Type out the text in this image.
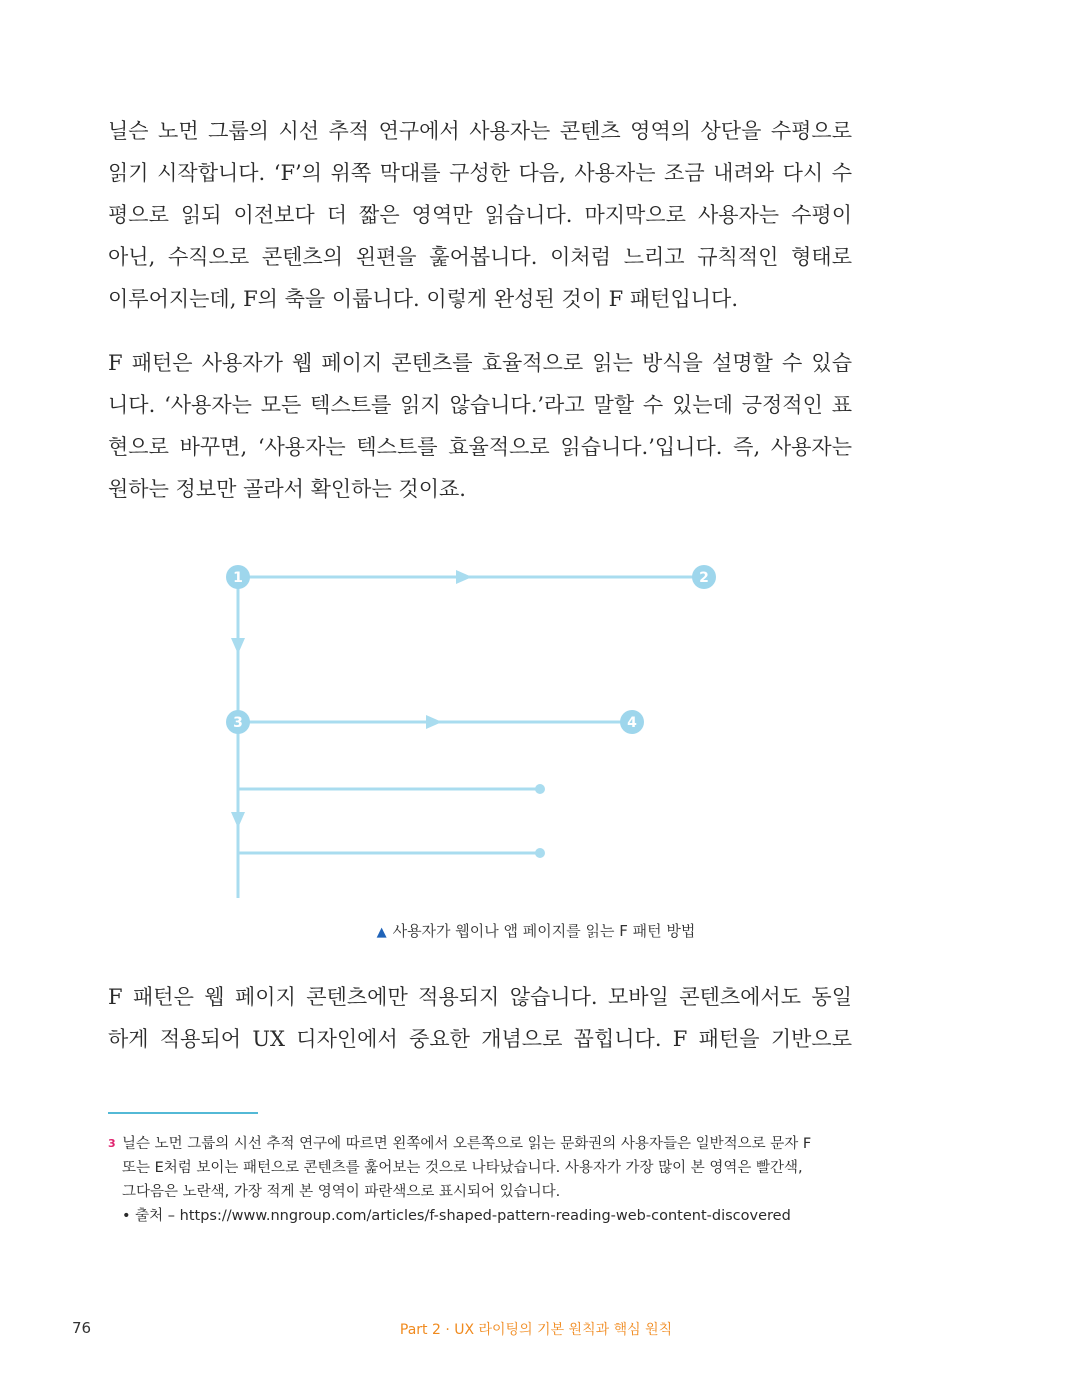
닐슨 노먼 그룹의 시선 추적 연구에서 사용자는 콘텐츠 영역의 상단을 수평으로
읽기 시작합니다. ‘F’의 위쪽 막대를 구성한 다음, 사용자는 조금 내려와 다시 수
평으로 읽되 이전보다 더 짧은 영역만 읽습니다. 마지막으로 사용자는 수평이
아닌, 수직으로 콘텐츠의 왼편을 훑어봅니다. 이처럼 느리고 규칙적인 형태로
이루어지는데, F의 축을 이룹니다. 이렇게 완성된 것이 F 패턴입니다.

F 패턴은 사용자가 웹 페이지 콘텐츠를 효율적으로 읽는 방식을 설명할 수 있습
니다. ‘사용자는 모든 텍스트를 읽지 않습니다.’라고 말할 수 있는데 긍정적인 표
현으로 바꾸면, ‘사용자는 텍스트를 효율적으로 읽습니다.’입니다. 즉, 사용자는
원하는 정보만 골라서 확인하는 것이죠.

1	2
3	4
▲ 사용자가 웹이나 앱 페이지를 읽는 F 패턴 방법

F 패턴은 웹 페이지 콘텐츠에만 적용되지 않습니다. 모바일 콘텐츠에서도 동일
하게 적용되어 UX 디자인에서 중요한 개념으로 꼽힙니다. F 패턴을 기반으로

3 닐슨 노먼 그룹의 시선 추적 연구에 따르면 왼쪽에서 오른쪽으로 읽는 문화권의 사용자들은 일반적으로 문자 F
또는 E처럼 보이는 패턴으로 콘텐츠를 훑어보는 것으로 나타났습니다. 사용자가 가장 많이 본 영역은 빨간색,
그다음은 노란색, 가장 적게 본 영역이 파란색으로 표시되어 있습니다.
• 출처 – https://www.nngroup.com/articles/f-shaped-pattern-reading-web-content-discovered
76	Part 2 · UX 라이팅의 기본 원칙과 핵심 원칙
